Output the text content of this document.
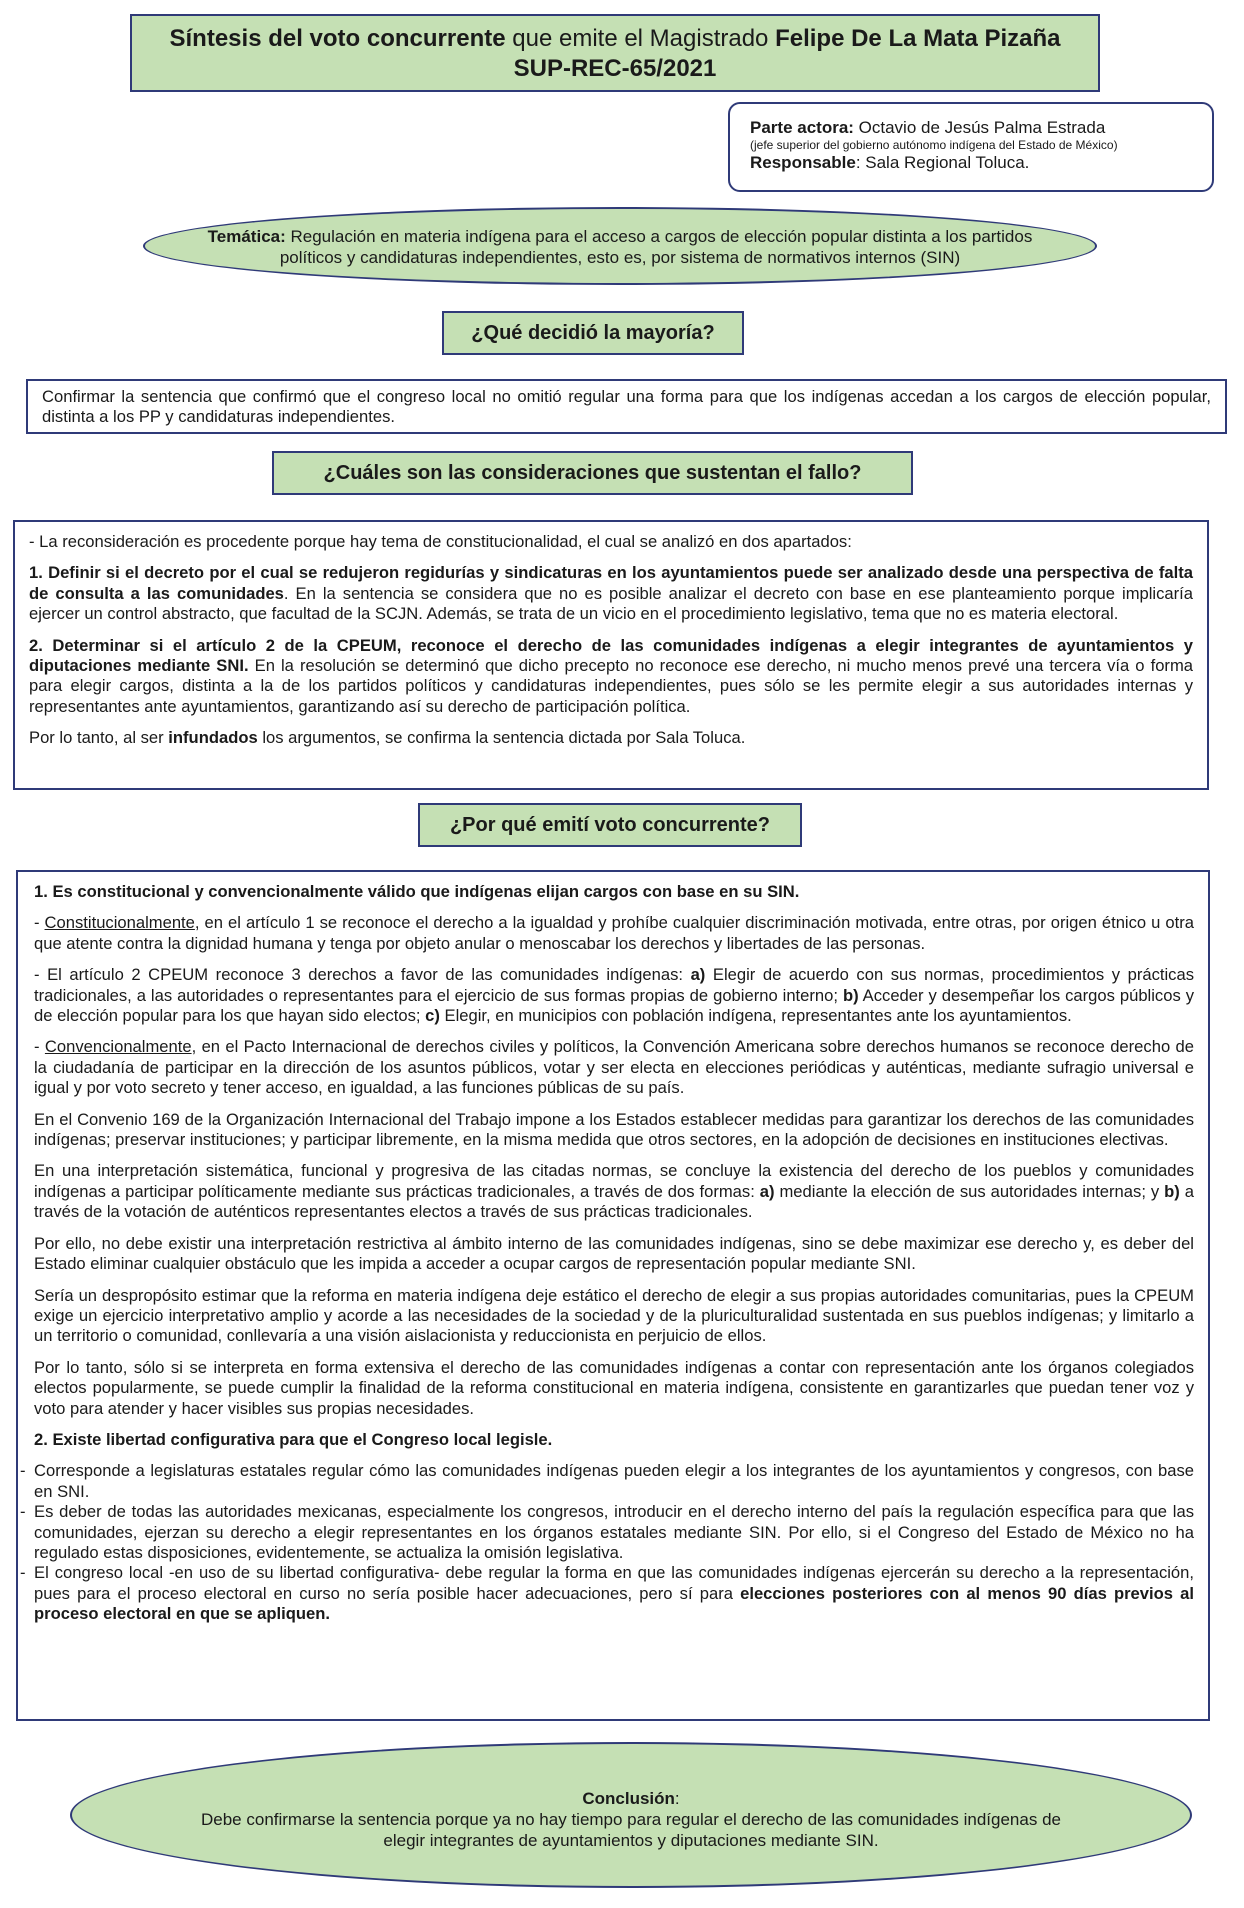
Síntesis del voto concurrente que emite el Magistrado Felipe De La Mata Pizaña
SUP-REC-65/2021
Parte actora: Octavio de Jesús Palma Estrada
(jefe superior del gobierno autónomo indígena del Estado de México)
Responsable: Sala Regional Toluca.
Temática: Regulación en materia indígena para el acceso a cargos de elección popular distinta a los partidos políticos y candidaturas independientes, esto es, por sistema de normativos internos (SIN)
¿Qué decidió la mayoría?
Confirmar la sentencia que confirmó que el congreso local no omitió regular una forma para que los indígenas accedan a los cargos de elección popular, distinta a los PP y candidaturas independientes.
¿Cuáles son las consideraciones que sustentan el fallo?

- La reconsideración es procedente porque hay tema de constitucionalidad, el cual se analizó en dos apartados:

1. Definir si el decreto por el cual se redujeron regidurías y sindicaturas en los ayuntamientos puede ser analizado desde una perspectiva de falta de consulta a las comunidades. En la sentencia se considera que no es posible analizar el decreto con base en ese planteamiento porque implicaría ejercer un control abstracto, que facultad de la SCJN. Además, se trata de un vicio en el procedimiento legislativo, tema que no es materia electoral.

2. Determinar si el artículo 2 de la CPEUM, reconoce el derecho de las comunidades indígenas a elegir integrantes de ayuntamientos y diputaciones mediante SNI. En la resolución se determinó que dicho precepto no reconoce ese derecho, ni mucho menos prevé una tercera vía o forma para elegir cargos, distinta a la de los partidos políticos y candidaturas independientes, pues sólo se les permite elegir a sus autoridades internas y representantes ante ayuntamientos, garantizando así su derecho de participación política.

Por lo tanto, al ser infundados los argumentos, se confirma la sentencia dictada por Sala Toluca.

¿Por qué emití voto concurrente?

1. Es constitucional y convencionalmente válido que indígenas elijan cargos con base en su SIN.

- Constitucionalmente, en el artículo 1 se reconoce el derecho a la igualdad y prohíbe cualquier discriminación motivada, entre otras, por origen étnico u otra que atente contra la dignidad humana y tenga por objeto anular o menoscabar los derechos y libertades de las personas.

- El artículo 2 CPEUM reconoce 3 derechos a favor de las comunidades indígenas: a) Elegir de acuerdo con sus normas, procedimientos y prácticas tradicionales, a las autoridades o representantes para el ejercicio de sus formas propias de gobierno interno; b) Acceder y desempeñar los cargos públicos y de elección popular para los que hayan sido electos; c) Elegir, en municipios con población indígena, representantes ante los ayuntamientos.

- Convencionalmente, en el Pacto Internacional de derechos civiles y políticos, la Convención Americana sobre derechos humanos se reconoce derecho de la ciudadanía de participar en la dirección de los asuntos públicos, votar y ser electa en elecciones periódicas y auténticas, mediante sufragio universal e igual y por voto secreto y tener acceso, en igualdad, a las funciones públicas de su país.

En el Convenio 169 de la Organización Internacional del Trabajo impone a los Estados establecer medidas para garantizar los derechos de las comunidades indígenas; preservar instituciones; y participar libremente, en la misma medida que otros sectores, en la adopción de decisiones en instituciones electivas.

En una interpretación sistemática, funcional y progresiva de las citadas normas, se concluye la existencia del derecho de los pueblos y comunidades indígenas a participar políticamente mediante sus prácticas tradicionales, a través de dos formas: a) mediante la elección de sus autoridades internas; y b) a través de la votación de auténticos representantes electos a través de sus prácticas tradicionales.

Por ello, no debe existir una interpretación restrictiva al ámbito interno de las comunidades indígenas, sino se debe maximizar ese derecho y, es deber del Estado eliminar cualquier obstáculo que les impida a acceder a ocupar cargos de representación popular mediante SNI.

Sería un despropósito estimar que la reforma en materia indígena deje estático el derecho de elegir a sus propias autoridades comunitarias, pues la CPEUM exige un ejercicio interpretativo amplio y acorde a las necesidades de la sociedad y de la pluriculturalidad sustentada en sus pueblos indígenas; y limitarlo a un territorio o comunidad, conllevaría a una visión aislacionista y reduccionista en perjuicio de ellos.

Por lo tanto, sólo si se interpreta en forma extensiva el derecho de las comunidades indígenas a contar con representación ante los órganos colegiados electos popularmente, se puede cumplir la finalidad de la reforma constitucional en materia indígena, consistente en garantizarles que puedan tener voz y voto para atender y hacer visibles sus propias necesidades.

2. Existe libertad configurativa para que el Congreso local legisle.

- Corresponde a legislaturas estatales regular cómo las comunidades indígenas pueden elegir a los integrantes de los ayuntamientos y congresos, con base en SNI.

- Es deber de todas las autoridades mexicanas, especialmente los congresos, introducir en el derecho interno del país la regulación específica para que las comunidades, ejerzan su derecho a elegir representantes en los órganos estatales mediante SIN. Por ello, si el Congreso del Estado de México no ha regulado estas disposiciones, evidentemente, se actualiza la omisión legislativa.

- El congreso local -en uso de su libertad configurativa- debe regular la forma en que las comunidades indígenas ejercerán su derecho a la representación, pues para el proceso electoral en curso no sería posible hacer adecuaciones, pero sí para elecciones posteriores con al menos 90 días previos al proceso electoral en que se apliquen.

Conclusión:
Debe confirmarse la sentencia porque ya no hay tiempo para regular el derecho de las comunidades indígenas de elegir integrantes de ayuntamientos y diputaciones mediante SIN.
